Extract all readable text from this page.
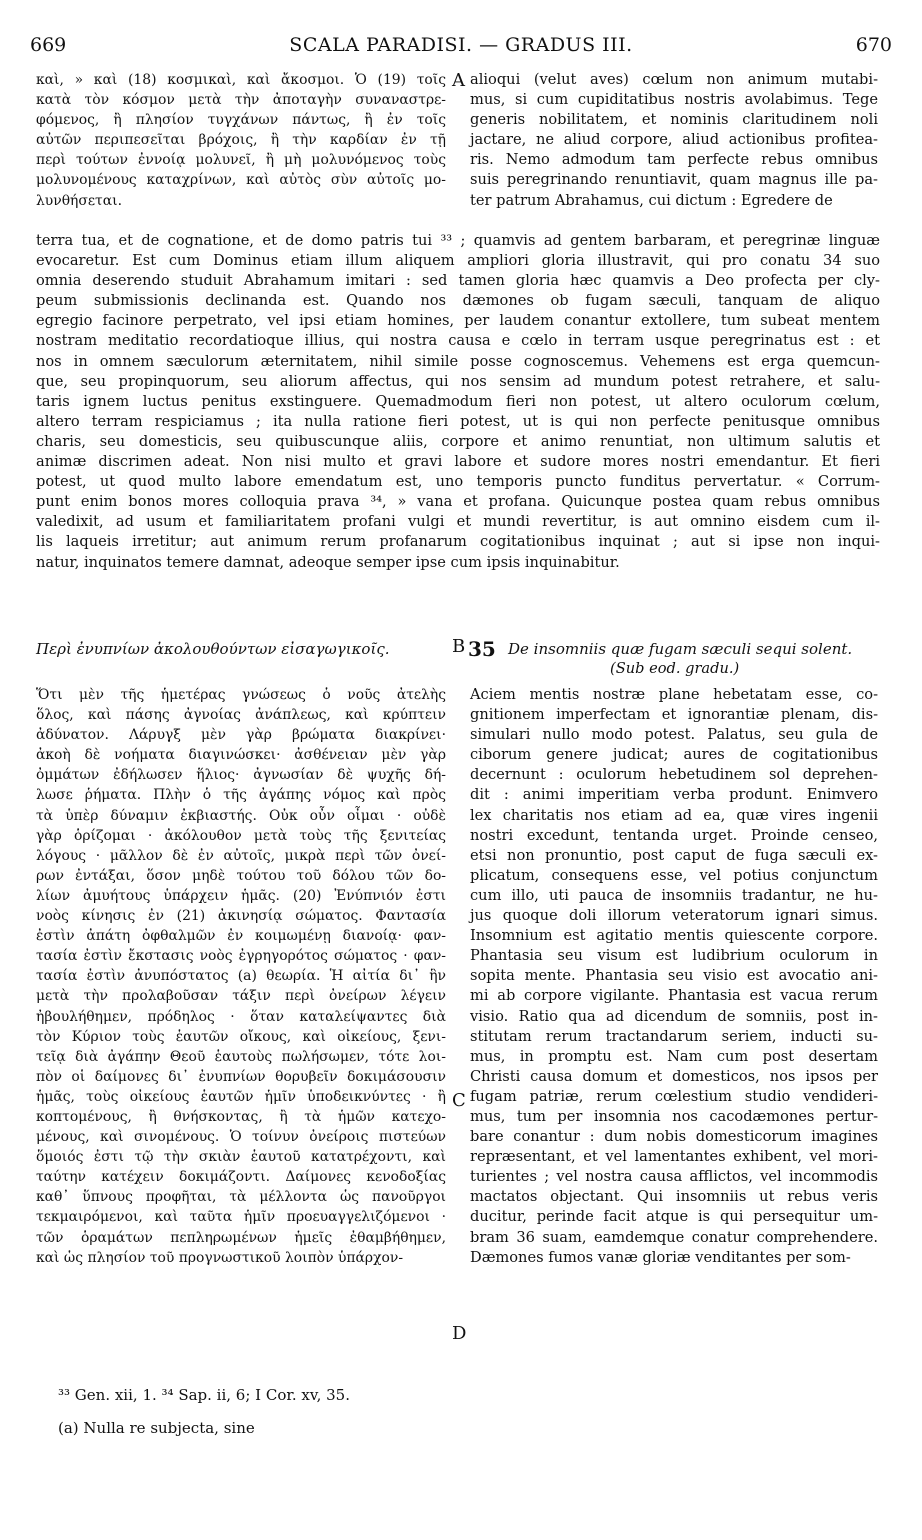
SCALA PARADISI. — GRADUS III.
669	670

καὶ, » καὶ (18) κοσμικαὶ, καὶ ἄκοσμοι. Ὁ (19) τοῖς

κατὰ τὸν κόσμον μετὰ τὴν ἀποταγὴν συναναστρε-

φόμενος, ἢ πλησίον τυγχάνων πάντως, ἢ ἐν τοῖς

αὐτῶν περιπεσεῖται βρόχοις, ἢ τὴν καρδίαν ἐν τῇ

περὶ τούτων ἐννοίᾳ μολυνεῖ, ἢ μὴ μολυνόμενος τοὺς

μολυνομένους καταχρίνων, καὶ αὐτὸς σὺν αὐτοῖς μο-

λυνθήσεται.

A alioqui (velut aves) cœlum non animum mutabi-

mus, si cum cupiditatibus nostris avolabimus. Tege

generis nobilitatem, et nominis claritudinem noli

jactare, ne aliud corpore, aliud actionibus profitea-

ris. Nemo admodum tam perfecte rebus omnibus

suis peregrinando renuntiavit, quam magnus ille pa-

ter patrum Abrahamus, cui dictum : Egredere de

terra tua, et de cognatione, et de domo patris tui ³³ ; quamvis ad gentem barbaram, et peregrinæ linguæ

evocaretur. Est cum Dominus etiam illum aliquem ampliori gloria illustravit, qui pro conatu 34 suo

omnia deserendo studuit Abrahamum imitari : sed tamen gloria hæc quamvis a Deo profecta per cly-

peum submissionis declinanda est. Quando nos dæmones ob fugam sæculi, tanquam de aliquo

egregio facinore perpetrato, vel ipsi etiam homines, per laudem conantur extollere, tum subeat mentem

nostram meditatio recordatioque illius, qui nostra causa e cœlo in terram usque peregrinatus est : et

nos in omnem sæculorum æternitatem, nihil simile posse cognoscemus. Vehemens est erga quemcun-

que, seu propinquorum, seu aliorum affectus, qui nos sensim ad mundum potest retrahere, et salu-

taris ignem luctus penitus exstinguere. Quemadmodum fieri non potest, ut altero oculorum cœlum,

altero terram respiciamus ; ita nulla ratione fieri potest, ut is qui non perfecte penitusque omnibus

charis, seu domesticis, seu quibuscunque aliis, corpore et animo renuntiat, non ultimum salutis et

animæ discrimen adeat. Non nisi multo et gravi labore et sudore mores nostri emendantur. Et fieri

potest, ut quod multo labore emendatum est, uno temporis puncto funditus pervertatur. « Corrum-

punt enim bonos mores colloquia prava ³⁴, » vana et profana. Quicunque postea quam rebus omnibus

valedixit, ad usum et familiaritatem profani vulgi et mundi revertitur, is aut omnino eisdem cum il-

lis laqueis irretitur; aut animum rerum profanarum cogitationibus inquinat ; aut si ipse non inqui-

natur, inquinatos temere damnat, adeoque semper ipse cum ipsis inquinabitur.

Περὶ ἐνυπνίων ἀκολουθούντων εἰσαγωγικοῖς.	B 35 De insomniis quæ fugam sæculi sequi solent.
(Sub eod. gradu.)

Ὅτι μὲν τῆς ἡμετέρας γνώσεως ὁ νοῦς ἀτελὴς

ὅλος, καὶ πάσης ἀγνοίας ἀνάπλεως, καὶ κρύπτειν

ἀδύνατον. Λάρυγξ μὲν γὰρ βρώματα διακρίνει·

ἀκοὴ δὲ νοήματα διαγινώσκει· ἀσθένειαν μὲν γὰρ

ὀμμάτων ἐδήλωσεν ἥλιος· ἀγνωσίαν δὲ ψυχῆς δή-

λωσε ῥήματα. Πλὴν ὁ τῆς ἀγάπης νόμος καὶ πρὸς

τὰ ὑπὲρ δύναμιν ἐκβιαστής. Οὐκ οὖν οἶμαι · οὐδὲ

γὰρ ὁρίζομαι · ἀκόλουθον μετὰ τοὺς τῆς ξενιτείας

λόγους · μᾶλλον δὲ ἐν αὐτοῖς, μικρὰ περὶ τῶν ὀνεί-

ρων ἐντάξαι, ὅσον μηδὲ τούτου τοῦ δόλου τῶν δο-

λίων ἀμυήτους ὑπάρχειν ἡμᾶς. (20) Ἐνύπνιόν ἐστι

νοὸς κίνησις ἐν (21) ἀκινησίᾳ σώματος. Φαντασία

ἐστὶν ἀπάτη ὀφθαλμῶν ἐν κοιμωμένῃ διανοίᾳ· φαν-

τασία ἐστὶν ἔκστασις νοὸς ἐγρηγορότος σώματος · φαν-

τασία ἐστὶν ἀνυπόστατος (a) θεωρία. Ἡ αἰτία δι᾽ ἣν

μετὰ τὴν προλαβοῦσαν τάξιν περὶ ὀνείρων λέγειν

ἠβουλήθημεν, πρόδηλος · ὅταν καταλείψαντες διὰ

τὸν Κύριον τοὺς ἑαυτῶν οἴκους, καὶ οἰκείους, ξενι-

τεῖᾳ διὰ ἀγάπην Θεοῦ ἑαυτοὺς πωλήσωμεν, τότε λοι-

πὸν οἱ δαίμονες δι᾽ ἐνυπνίων θορυβεῖν δοκιμάσουσιν

ἡμᾶς, τοὺς οἰκείους ἑαυτῶν ἡμῖν ὑποδεικνύντες · ἢ

κοπτομένους, ἢ θνήσκοντας, ἢ τὰ ἡμῶν κατεχο-

μένους, καὶ σινομένους. Ὁ τοίνυν ὀνείροις πιστεύων

ὅμοιός ἐστι τῷ τὴν σκιὰν ἑαυτοῦ κατατρέχοντι, καὶ

ταύτην κατέχειν δοκιμάζοντι. Δαίμονες κενοδοξίας

καθ᾽ ὕπνους προφῆται, τὰ μέλλοντα ὡς πανοῦργοι

τεκμαιρόμενοι, καὶ ταῦτα ἡμῖν προευαγγελιζόμενοι ·

τῶν ὁραμάτων πεπληρωμένων ἡμεῖς ἐθαμβήθημεν,

καὶ ὡς πλησίον τοῦ προγνωστικοῦ λοιπὸν ὑπάρχον-

C
D

Aciem mentis nostræ plane hebetatam esse, co-

gnitionem imperfectam et ignorantiæ plenam, dis-

simulari nullo modo potest. Palatus, seu gula de

ciborum genere judicat; aures de cogitationibus

decernunt : oculorum hebetudinem sol deprehen-

dit : animi imperitiam verba produnt. Enimvero

lex charitatis nos etiam ad ea, quæ vires ingenii

nostri excedunt, tentanda urget. Proinde censeo,

etsi non pronuntio, post caput de fuga sæculi ex-

plicatum, consequens esse, vel potius conjunctum

cum illo, uti pauca de insomniis tradantur, ne hu-

jus quoque doli illorum veteratorum ignari simus.

Insomnium est agitatio mentis quiescente corpore.

Phantasia seu visum est ludibrium oculorum in

sopita mente. Phantasia seu visio est avocatio ani-

mi ab corpore vigilante. Phantasia est vacua rerum

visio. Ratio qua ad dicendum de somniis, post in-

stitutam rerum tractandarum seriem, inducti su-

mus, in promptu est. Nam cum post desertam

Christi causa domum et domesticos, nos ipsos per

fugam patriæ, rerum cœlestium studio vendideri-

mus, tum per insomnia nos cacodæmones pertur-

bare conantur : dum nobis domesticorum imagines

repræsentant, et vel lamentantes exhibent, vel mori-

turientes ; vel nostra causa afflictos, vel incommodis

mactatos objectant. Qui insomniis ut rebus veris

ducitur, perinde facit atque is qui persequitur um-

bram 36 suam, eamdemque conatur comprehendere.

Dæmones fumos vanæ gloriæ venditantes per som-

³³ Gen. xii, 1. ³⁴ Sap. ii, 6; I Cor. xv, 35.
(a) Nulla re subjecta, sine
